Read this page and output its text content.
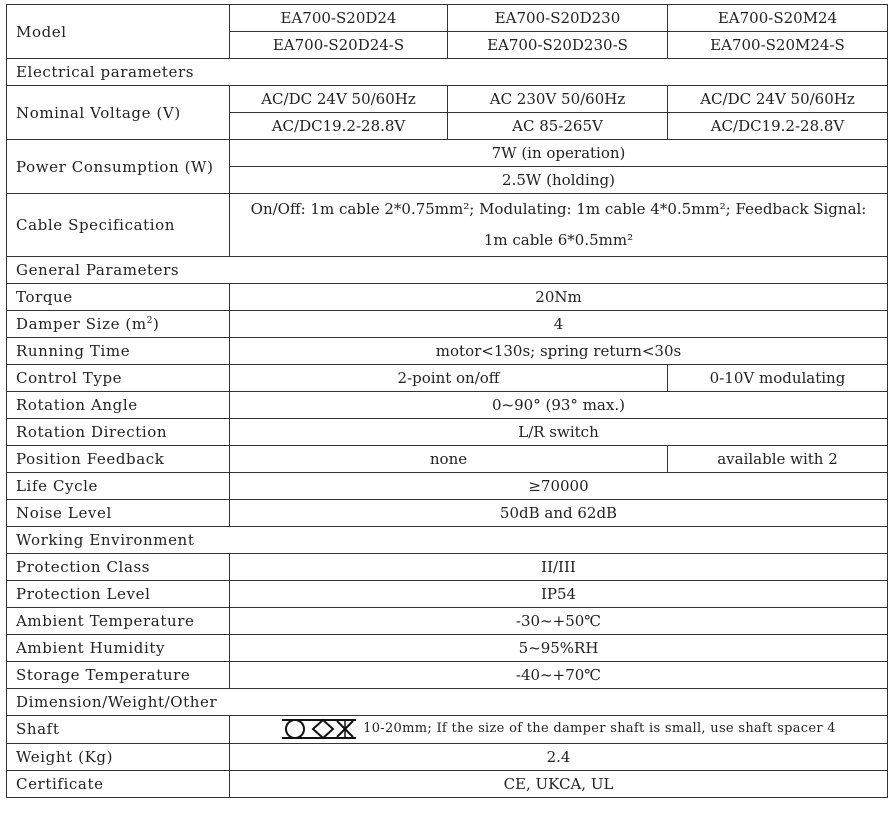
Model	EA700-S20D24	EA700-S20D230	EA700-S20M24
	EA700-S20D24-S	EA700-S20D230-S	EA700-S20M24-S
Electrical parameters			
Nominal Voltage (V)	AC/DC 24V 50/60Hz	AC 230V 50/60Hz	AC/DC 24V 50/60Hz
	AC/DC19.2-28.8V	AC 85-265V	AC/DC19.2-28.8V
Power Consumption (W)	7W (in operation)		
	2.5W (holding)		
Cable Specification	On/Off: 1m cable 2*0.75mm²; Modulating: 1m cable 4*0.5mm²; Feedback Signal:
1m cable 6*0.5mm²		

General Parameters			
Torque	20Nm		
Damper Size $(m^2)$	4		
Running Time	motor<130s; spring return<30s		
Control Type	2-point on/off		0-10V modulating
Rotation Angle	0~90° (93° max.)		
Rotation Direction	L/R switch		
Position Feedback	none		available with 2
Life Cycle	≥70000		
Noise Level	50dB and 62dB		
Working Environment			
Protection Class	II/III		
Protection Level	IP54		
Ambient Temperature	-30~+50℃		
Ambient Humidity	5~95%RH		
Storage Temperature	-40~+70℃		
Dimension/Weight/Other			
Shaft	10-20mm; If the size of the damper shaft is small, use shaft spacer 4		
Weight (Kg)	2.4		
Certificate	CE, UKCA, UL		
